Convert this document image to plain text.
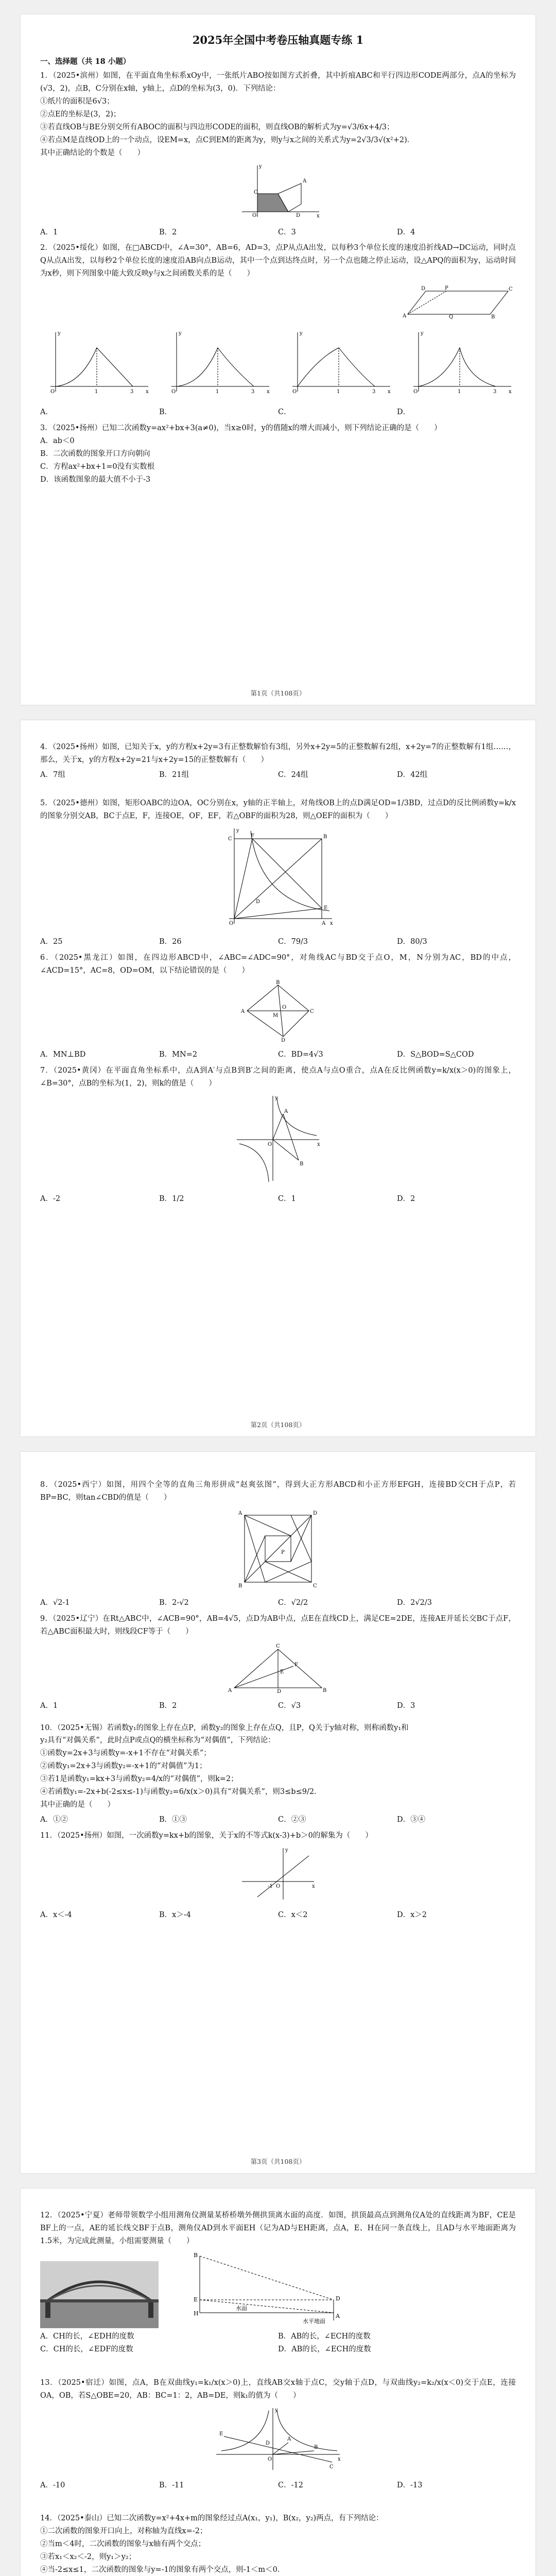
2025年全国中考卷压轴真题专练 1
一、选择题（共 18 小题）

1．（2025•滨州）如图，在平面直角坐标系xOy中，一张纸片ABO按如图方式折叠，其中折痕ABC和平行四边形CODE两部分，点A的坐标为(√3，2)，点B，C分别在x轴，y轴上，点D的坐标为(3，0)．下列结论：

①纸片的面积是6√3；

②点E的坐标是(3，2)；

③若直线OB与BE分别交所有ABOC的面积与四边形CODE的面积，则直线OB的解析式为y=√3/6x+4/3；

④若点M是直线OD上的一个动点，设EM=x，点C到EM的距离为y，则y与x之间的关系式为y=2√3/3√(x²+2)．

其中正确结论的个数是（　　）

O	D
A
C
x
y
A．1	B．2	C．3	D．4

2．（2025•绥化）如图，在□ABCD中，∠A=30°，AB=6，AD=3，点P从点A出发，以每秒3个单位长度的速度沿折线AD→DC运动，同时点Q从点A出发，以每秒2个单位长度的速度沿AB向点B运动，其中一个点到达终点时，另一个点也随之停止运动，设△APQ的面积为y，运动时间为x秒，则下列图象中能大致反映y与x之间函数关系的是（　　）

A	B
C
D	P
Q
O	x
y
1	3	O	x
y
1	3	O	x
y
1	3	O	x
y
1	3
A．	B．	C．	D．

3．（2025•扬州）已知二次函数y=ax²+bx+3(a≠0)，当x≥0时，y的值随x的增大而减小，则下列结论正确的是（　　）

A．ab＜0

B．二次函数的图象开口方向朝向

C．方程ax²+bx+1=0没有实数根

D．该函数图象的最大值不小于-3

第1页（共108页）

4．（2025•扬州）如图，已知关于x，y的方程x+2y=3有正整数解恰有3组，另外x+2y=5的正整数解有2组，x+2y=7的正整数解有1组……，那么，关于x，y的方程x+2y=21与x+2y=15的正整数解有（　　）

A．7组	B．21组	C．24组	D．42组

5．（2025•德州）如图，矩形OABC的边OA，OC分别在x，y轴的正半轴上，对角线OB上的点D满足OD=1/3BD，过点D的反比例函数y=k/x的图象分别交AB，BC于点E，F，连接OE，OF，EF，若△OBF的面积为28，则△OEF的面积为（　　）

O	A
C	B
F
E
D
x
y
A．25	B．26	C．79/3	D．80/3

6．（2025•黑龙江）如图，在四边形ABCD中，∠ABC=∠ADC=90°，对角线AC与BD交于点O，M，N分别为AC，BD的中点，∠ACD=15°，AC=8，OD=OM，以下结论错误的是（　　）

A
B
C
D
O
M
A．MN⊥BD	B．MN=2	C．BD=4√3	D．S△BOD=S△COD

7．（2025•黄冈）在平面直角坐标系中，点A到A′与点B到B′之间的距离，使点A与点O重合，点A在反比例函数y=k/x(x＞0)的图象上，∠B=30°，点B的坐标为(1，2)，则k的值是（　　）

O
A
B
x
y
A．-2	B．1/2	C．1	D．2
第2页（共108页）

8．（2025•西宁）如图，用四个全等的直角三角形拼成“赵爽弦图”，得到大正方形ABCD和小正方形EFGH，连接BD交CH于点P，若BP=BC，则tan∠CBD的值是（　　）

A	D
B	C
P
A．√2-1	B．2-√2	C．√2/2	D．2√2/3

9．（2025•辽宁）在Rt△ABC中，∠ACB=90°，AB=4√5，点D为AB中点，点E在直线CD上，满足CE=2DE，连接AE并延长交BC于点F，若△ABC面积最大时，则线段CF等于（　　）

A	B
C
D
F
E
A．1	B．2	C．√3	D．3

10．（2025•无锡）若函数y₁的图象上存在点P，函数y₂的图象上存在点Q，且P，Q关于y轴对称，则称函数y₁和

y₂具有“对偶关系”，此时点P或点Q的横坐标称为“对偶值”，下列结论：

①函数y=2x+3与函数y=-x+1不存在“对偶关系”；

②函数y₁=2x+3与函数y₂=-x+1的“对偶值”为1；

③若1是函数y₁=kx+3与函数y₂=4/x的“对偶值”，则k=2；

④若函数y₁=-2x+b(-2≤x≤-1)与函数y₂=6/x(x＞0)具有“对偶关系”，则3≤b≤9/2．

其中正确的是（　　）

A．①②	B．①③	C．②③	D．③④

11．（2025•扬州）如图，一次函数y=kx+b的图象，关于x的不等式k(x-3)+b＞0的解集为（　　）

O
-1	x
y
A．x＜-4	B．x＞-4	C．x＜2	D．x＞2
第3页（共108页）

12．（2025•宁夏）老师带领数学小组用测角仪测量某桥桥墩外侧拱顶离水面的高度．如图，拱顶最高点到测角仪A处的直线距离为BF，CE是BF上的一点，AE的延长线交BF于点B，测角仪AD到水平面EH（记为AD与EH距离，点A，E、H在同一条直线上，且AD与水平地面距离为1.5米，为完成此测量，小组需要测量（　　）

B
E
H
D
A
水面
水平地面
A．CH的长，∠EDH的度数	B．AB的长，∠ECH的度数
C．CH的长，∠EDF的度数	D．AB的长，∠ECH的度数

13．（2025•宿迁）如图，点A，B在双曲线y₁=k₁/x(x＞0)上，直线AB交x轴于点C，交y轴于点D，与双曲线y₂=k₂/x(x＜0)交于点E，连接OA，OB，若S△OBE=20，AB：BC=1：2，AB=DE，则k₁的值为（　　）

O
A
B
C
E
D
x
y
A．-10	B．-11	C．-12	D．-13

14．（2025•泰山）已知二次函数y=x²+4x+m的图象经过点A(x₁，y₁)，B(x₂，y₂)两点，有下列结论：

①二次函数的图象开口向上，对称轴为直线x=-2；

②当m＜4时，二次函数的图象与x轴有两个交点；

③若x₁＜x₂＜-2，则y₁＞y₂；

④当-2≤x≤1，二次函数的图象与y=-1的图象有两个交点，则-1＜m＜0．
